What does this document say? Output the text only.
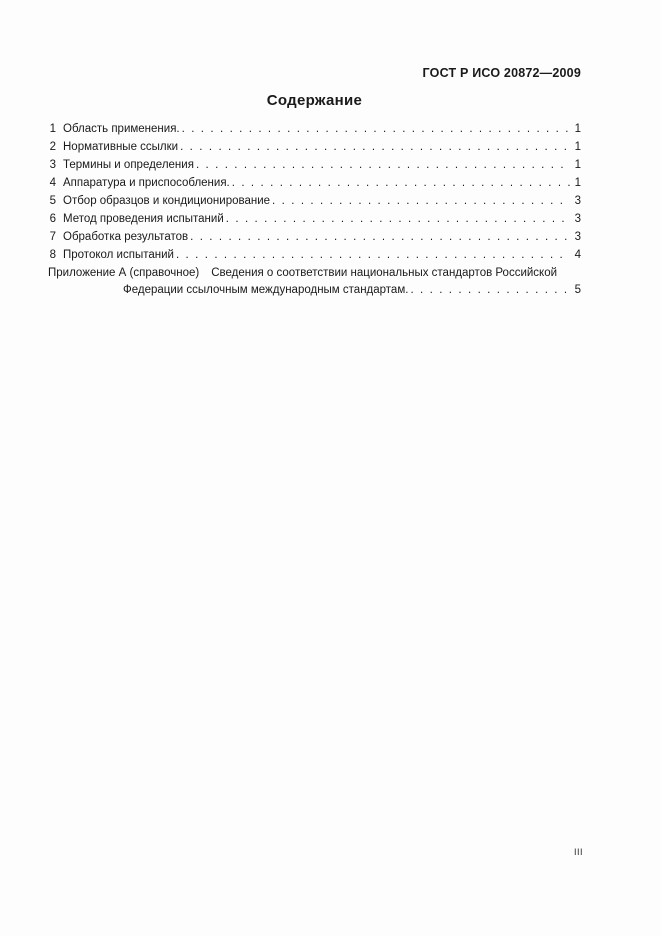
ГОСТ Р ИСО 20872—2009
Содержание
1 Область применения. . . .	1
2 Нормативные ссылки . . .	1
3 Термины и определения . . .	1
4 Аппаратура и приспособления. . . .	1
5 Отбор образцов и кондиционирование . . .	3
6 Метод проведения испытаний . . .	3
7 Обработка результатов . . .	3
8 Протокол испытаний . . .	4
Приложение А (справочное) Сведения о соответствии национальных стандартов Российской
Федерации ссылочным международным стандартам. . . .	5
III
